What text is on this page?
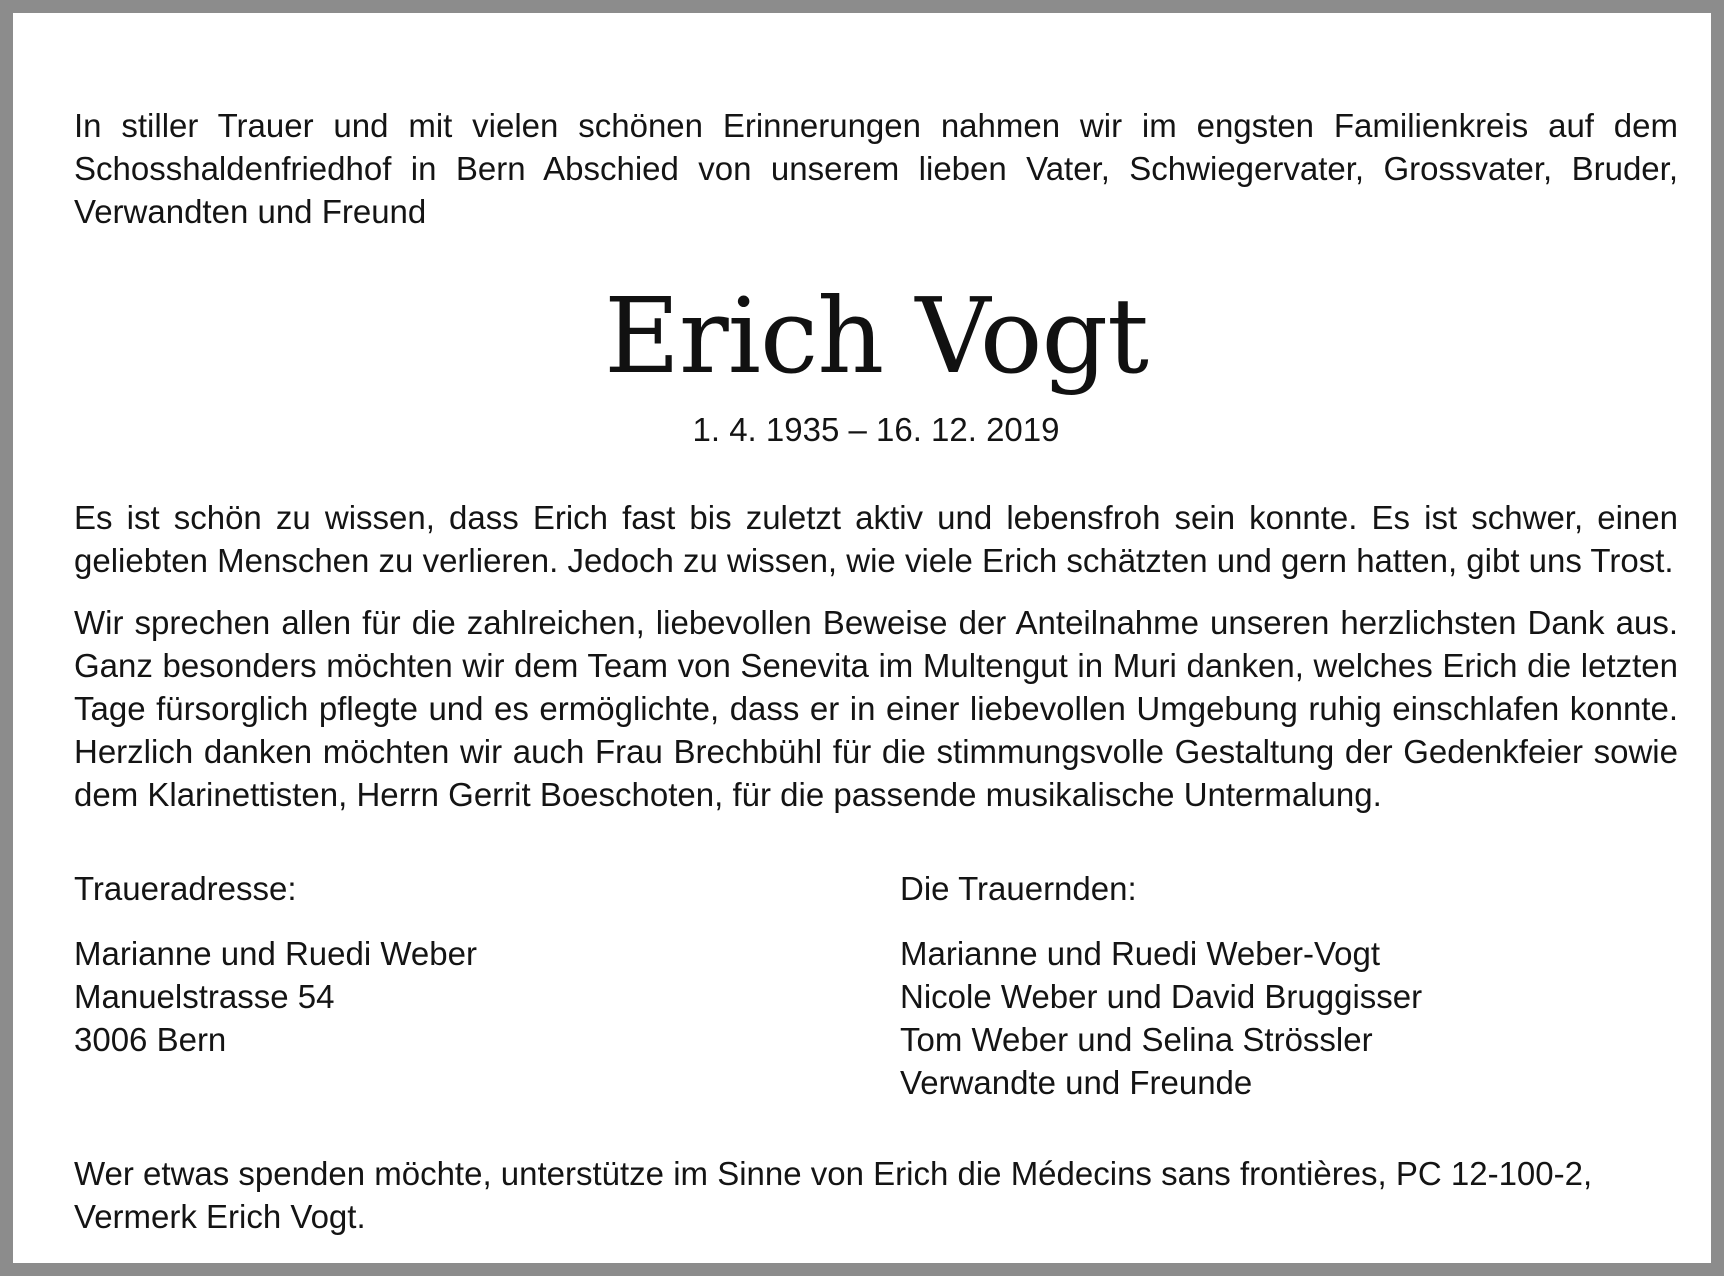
In stiller Trauer und mit vielen schönen Erinnerungen nahmen wir im engsten Familienkreis auf dem Schosshaldenfriedhof in Bern Abschied von unserem lieben Vater, Schwiegervater, Grossvater, Bruder, Verwandten und Freund

Erich Vogt
1. 4. 1935 – 16. 12. 2019

Es ist schön zu wissen, dass Erich fast bis zuletzt aktiv und lebensfroh sein konnte. Es ist schwer, einen geliebten Menschen zu verlieren. Jedoch zu wissen, wie viele Erich schätzten und gern hatten, gibt uns Trost.

Wir sprechen allen für die zahlreichen, liebevollen Beweise der Anteilnahme unseren herzlichsten Dank aus. Ganz besonders möchten wir dem Team von Senevita im Multengut in Muri danken, welches Erich die letzten Tage fürsorglich pflegte und es ermöglichte, dass er in einer liebevollen Umgebung ruhig einschlafen konnte. Herzlich danken möchten wir auch Frau Brechbühl für die stimmungsvolle Gestaltung der Gedenkfeier sowie dem Klarinettisten, Herrn Gerrit Boeschoten, für die passende musikalische Untermalung.

Traueradresse:
Marianne und Ruedi Weber
Manuelstrasse 54
3006 Bern
Die Trauernden:
Marianne und Ruedi Weber-Vogt
Nicole Weber und David Bruggisser
Tom Weber und Selina Strössler
Verwandte und Freunde

Wer etwas spenden möchte, unterstütze im Sinne von Erich die Médecins sans frontières, PC 12-100-2, Vermerk Erich Vogt.
